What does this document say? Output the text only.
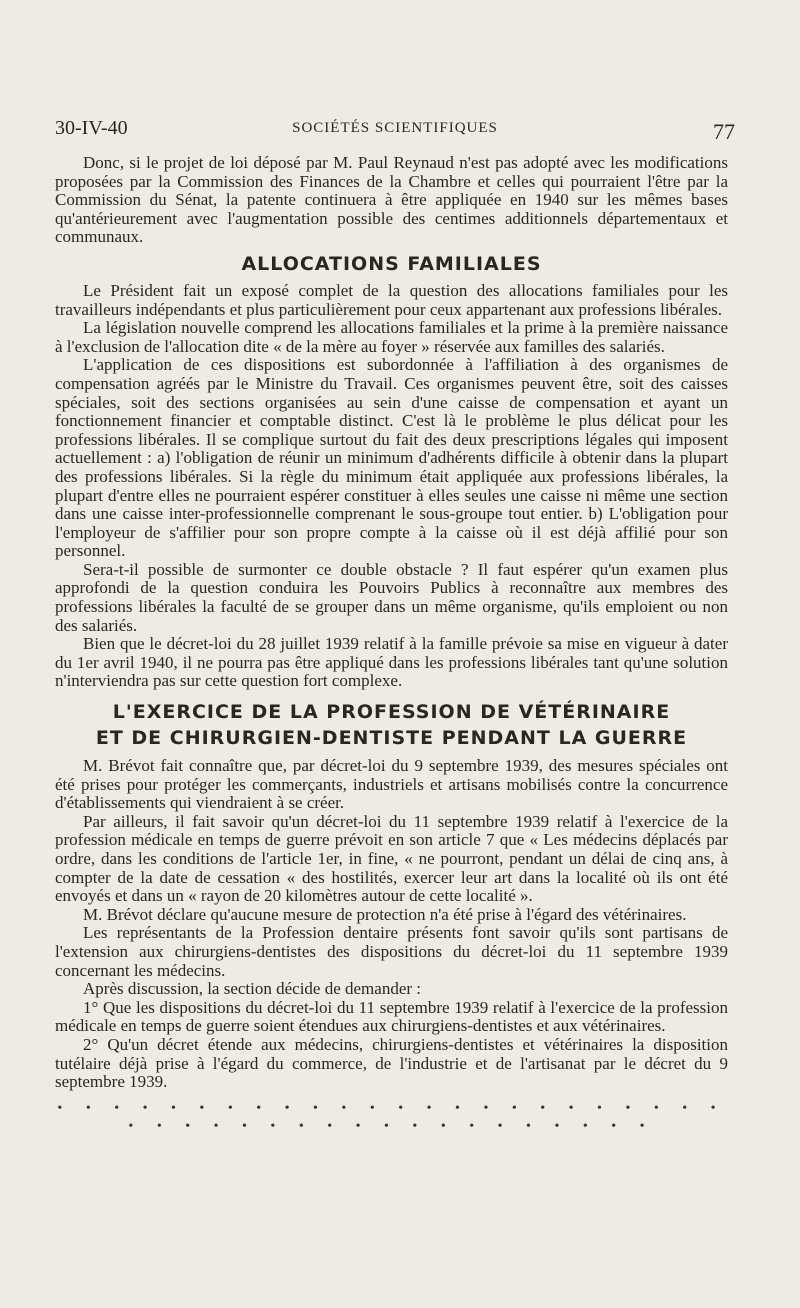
30-IV-40	SOCIÉTÉS SCIENTIFIQUES	77

Donc, si le projet de loi déposé par M. Paul Reynaud n'est pas adopté avec les modifications proposées par la Commission des Finances de la Chambre et celles qui pourraient l'être par la Commission du Sénat, la patente continuera à être appliquée en 1940 sur les mêmes bases qu'antérieurement avec l'augmentation possible des centimes additionnels départementaux et communaux.

ALLOCATIONS FAMILIALES

Le Président fait un exposé complet de la question des allocations familiales pour les travailleurs indépendants et plus particulièrement pour ceux appartenant aux professions libérales.

La législation nouvelle comprend les allocations familiales et la prime à la première naissance à l'exclusion de l'allocation dite « de la mère au foyer » réservée aux familles des salariés.

L'application de ces dispositions est subordonnée à l'affiliation à des organismes de compensation agréés par le Ministre du Travail. Ces organismes peuvent être, soit des caisses spéciales, soit des sections organisées au sein d'une caisse de compensation et ayant un fonctionnement financier et comptable distinct. C'est là le problème le plus délicat pour les professions libérales. Il se complique surtout du fait des deux prescriptions légales qui imposent actuellement : a) l'obligation de réunir un minimum d'adhérents difficile à obtenir dans la plupart des professions libérales. Si la règle du minimum était appliquée aux professions libérales, la plupart d'entre elles ne pourraient espérer constituer à elles seules une caisse ni même une section dans une caisse inter-professionnelle comprenant le sous-groupe tout entier. b) L'obligation pour l'employeur de s'affilier pour son propre compte à la caisse où il est déjà affilié pour son personnel.

Sera-t-il possible de surmonter ce double obstacle ? Il faut espérer qu'un examen plus approfondi de la question conduira les Pouvoirs Publics à reconnaître aux membres des professions libérales la faculté de se grouper dans un même organisme, qu'ils emploient ou non des salariés.

Bien que le décret-loi du 28 juillet 1939 relatif à la famille prévoie sa mise en vigueur à dater du 1er avril 1940, il ne pourra pas être appliqué dans les professions libérales tant qu'une solution n'interviendra pas sur cette question fort complexe.

L'EXERCICE DE LA PROFESSION DE VÉTÉRINAIRE
ET DE CHIRURGIEN-DENTISTE PENDANT LA GUERRE

M. Brévot fait connaître que, par décret-loi du 9 septembre 1939, des mesures spéciales ont été prises pour protéger les commerçants, industriels et artisans mobilisés contre la concurrence d'établissements qui viendraient à se créer.

Par ailleurs, il fait savoir qu'un décret-loi du 11 septembre 1939 relatif à l'exercice de la profession médicale en temps de guerre prévoit en son article 7 que « Les médecins déplacés par ordre, dans les conditions de l'article 1er, in fine, « ne pourront, pendant un délai de cinq ans, à compter de la date de cessation « des hostilités, exercer leur art dans la localité où ils ont été envoyés et dans un « rayon de 20 kilomètres autour de cette localité ».

M. Brévot déclare qu'aucune mesure de protection n'a été prise à l'égard des vétérinaires.

Les représentants de la Profession dentaire présents font savoir qu'ils sont partisans de l'extension aux chirurgiens-dentistes des dispositions du décret-loi du 11 septembre 1939 concernant les médecins.

Après discussion, la section décide de demander :

1° Que les dispositions du décret-loi du 11 septembre 1939 relatif à l'exercice de la profession médicale en temps de guerre soient étendues aux chirurgiens-dentistes et aux vétérinaires.

2° Qu'un décret étende aux médecins, chirurgiens-dentistes et vétérinaires la disposition tutélaire déjà prise à l'égard du commerce, de l'industrie et de l'artisanat par le décret du 9 septembre 1939.

• • • • • • • • • • • • • • • • • • • • • • • • • • • • • • • • • • • • • • • • • • •
